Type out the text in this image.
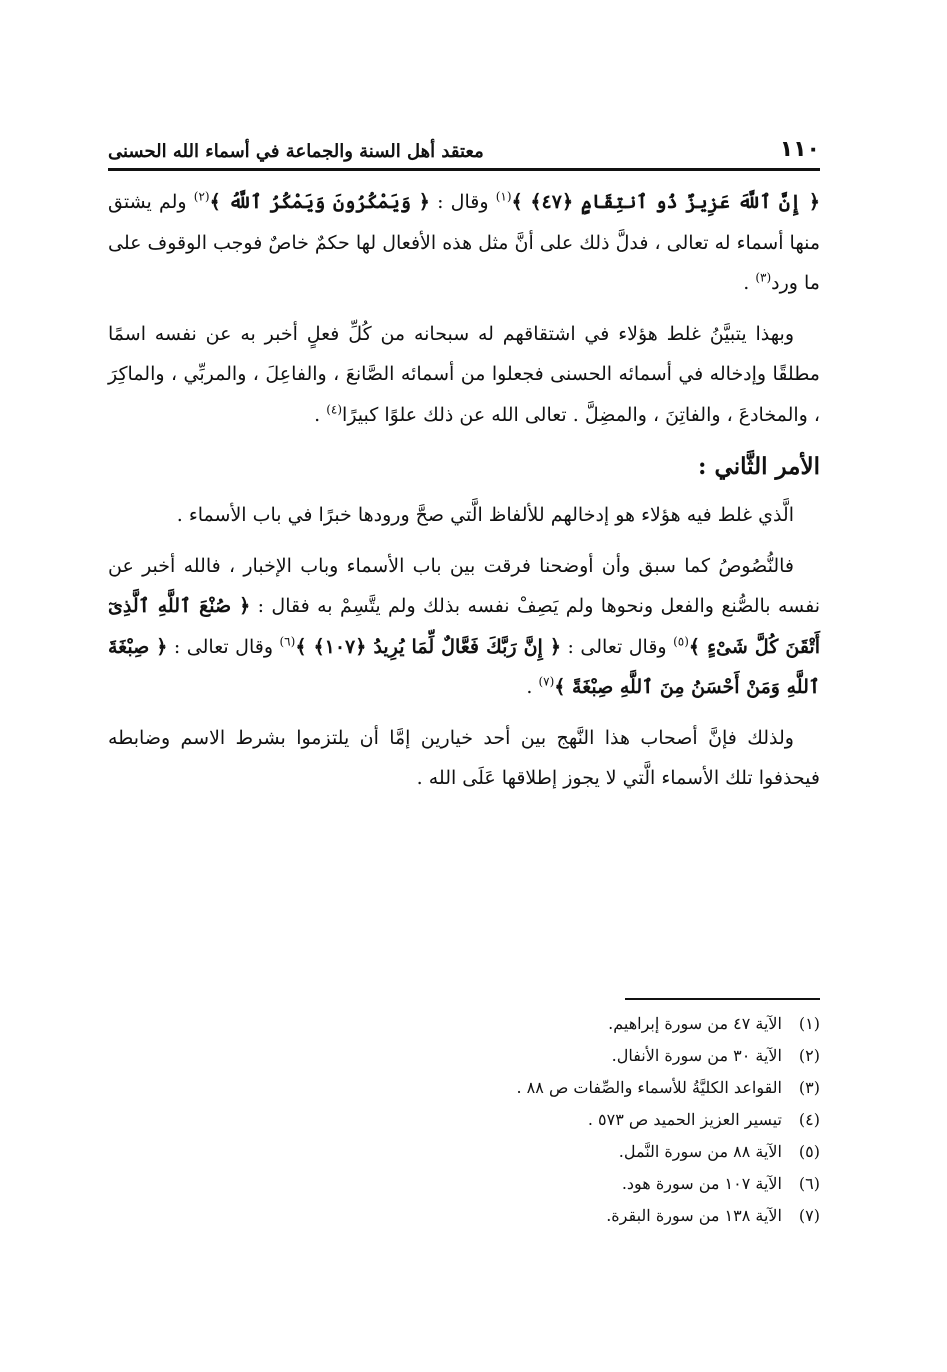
١١٠
معتقد أهل السنة والجماعة في أسماء الله الحسنى

﴿ إِنَّ ٱللَّهَ عَزِيزٌ ذُو ٱنتِقَامٍ ﴿٤٧﴾ ﴾$^{(١)}$ وقال : ﴿ وَيَمْكُرُونَ وَيَمْكُرُ ٱللَّهُ ﴾$^{(٢)}$ ولم يشتق منها أسماء له تعالى ، فدلَّ ذلك على أنَّ مثل هذه الأفعال لها حكمٌ خاصٌ فوجب الوقوف على ما ورد$^{(٣)}$ .

وبهذا يتبيَّنُ غلط هؤلاء في اشتقاقهم له سبحانه من كُلِّ فعلٍ أخبر به عن نفسه اسمًا مطلقًا وإدخاله في أسمائه الحسنى فجعلوا من أسمائه الصَّانعَ ، والفاعِلَ ، والمربِّي ، والماكِرَ ، والمخادعَ ، والفاتِنَ ، والمضِلَّ . تعالى الله عن ذلك علوًا كبيرًا$^{(٤)}$ .

الأمر الثَّاني :

الَّذي غلط فيه هؤلاء هو إدخالهم للألفاظ الَّتي صحَّ ورودها خبرًا في باب الأسماء .

فالنُّصُوصُ كما سبق وأن أوضحنا فرقت بين باب الأسماء وباب الإخبار ، فالله أخبر عن نفسه بالصُّنع والفعل ونحوها ولم يَصِفْ نفسه بذلك ولم يتَّسِمْ به فقال : ﴿ صُنْعَ ٱللَّهِ ٱلَّذِىٓ أَتْقَنَ كُلَّ شَىْءٍ ﴾$^{(٥)}$ وقال تعالى : ﴿ إِنَّ رَبَّكَ فَعَّالٌ لِّمَا يُرِيدُ ﴿١٠٧﴾ ﴾$^{(٦)}$ وقال تعالى : ﴿ صِبْغَةَ ٱللَّهِ وَمَنْ أَحْسَنُ مِنَ ٱللَّهِ صِبْغَةً ﴾$^{(٧)}$ .

ولذلك فإنَّ أصحاب هذا النَّهج بين أحد خيارين إمَّا أن يلتزموا بشرط الاسم وضابطه فيحذفوا تلك الأسماء الَّتي لا يجوز إطلاقها عَلَى الله .

(١)
الآية ٤٧ من سورة إبراهيم.
(٢)
الآية ٣٠ من سورة الأنفال.
(٣)
القواعد الكليَّةُ للأسماء والصِّفات ص ٨٨ .
(٤)
تيسير العزيز الحميد ص ٥٧٣ .
(٥)
الآية ٨٨ من سورة النَّمل.
(٦)
الآية ١٠٧ من سورة هود.
(٧)
الآية ١٣٨ من سورة البقرة.
